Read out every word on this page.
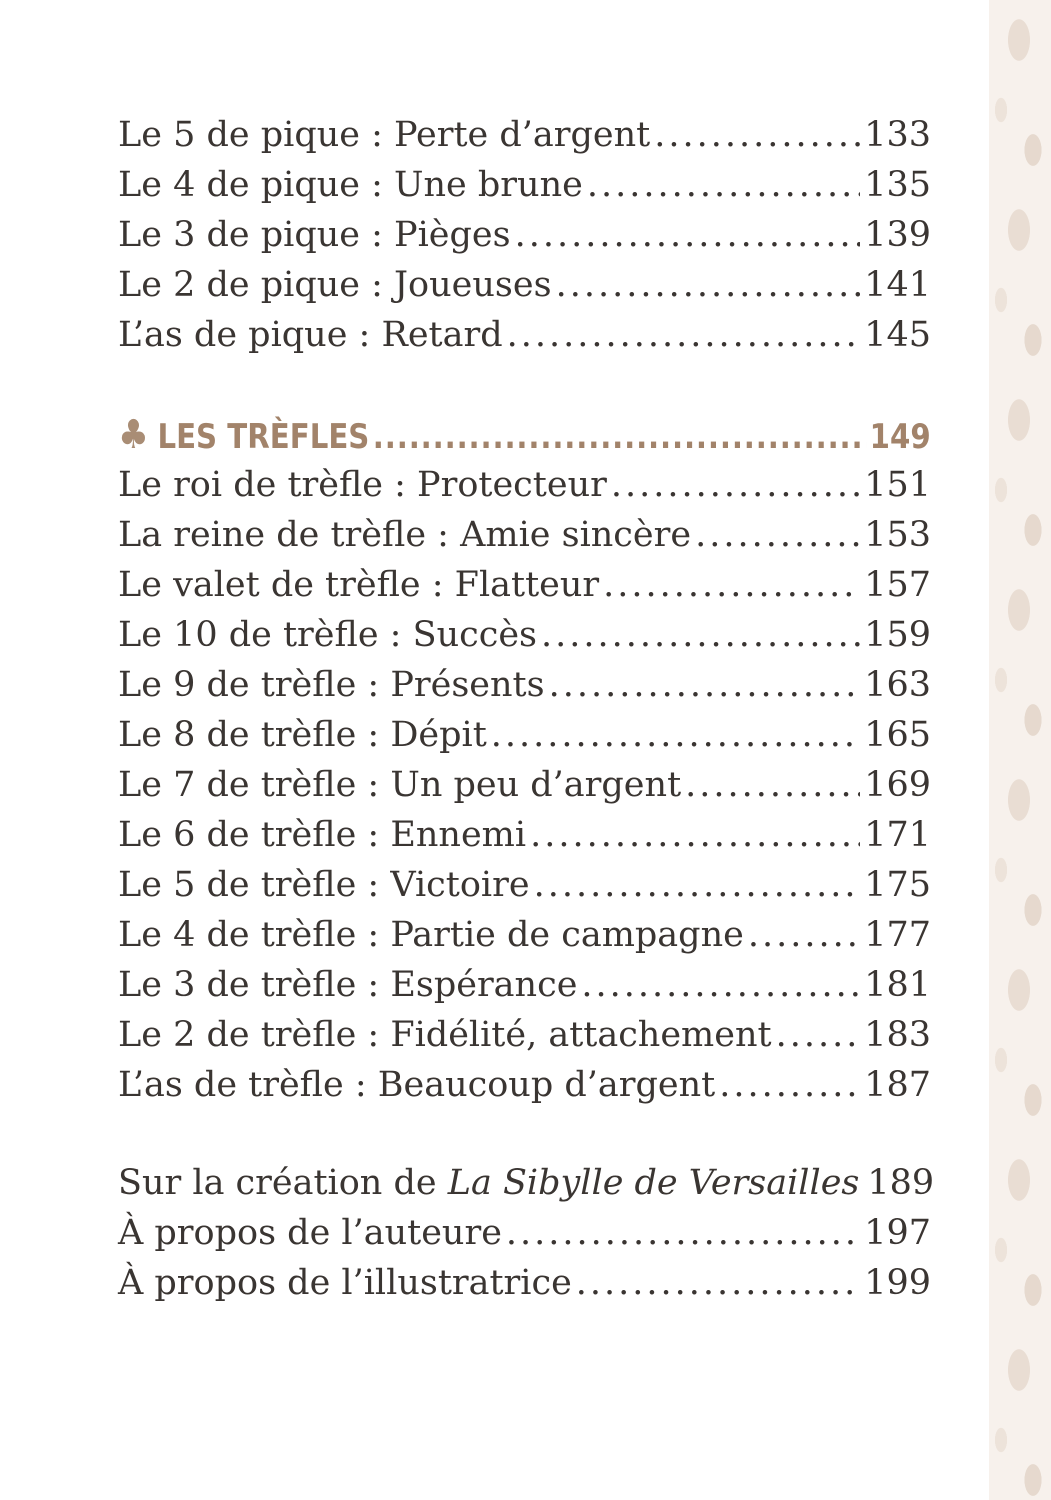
Le 5 de pique : Perte d’argent .....	133
Le 4 de pique : Une brune .....	135
Le 3 de pique : Pièges .....	139
Le 2 de pique : Joueuses .....	141
L’as de pique : Retard .....	145
♣ LES TRÈFLES .....	149
Le roi de trèfle : Protecteur .....	151
La reine de trèfle : Amie sincère .....	153
Le valet de trèfle : Flatteur .....	157
Le 10 de trèfle : Succès .....	159
Le 9 de trèfle : Présents .....	163
Le 8 de trèfle : Dépit .....	165
Le 7 de trèfle : Un peu d’argent .....	169
Le 6 de trèfle : Ennemi .....	171
Le 5 de trèfle : Victoire .....	175
Le 4 de trèfle : Partie de campagne .....	177
Le 3 de trèfle : Espérance .....	181
Le 2 de trèfle : Fidélité, attachement .....	183
L’as de trèfle : Beaucoup d’argent .....	187
Sur la création de La Sibylle de Versailles 189
À propos de l’auteure .....	197
À propos de l’illustratrice .....	199
